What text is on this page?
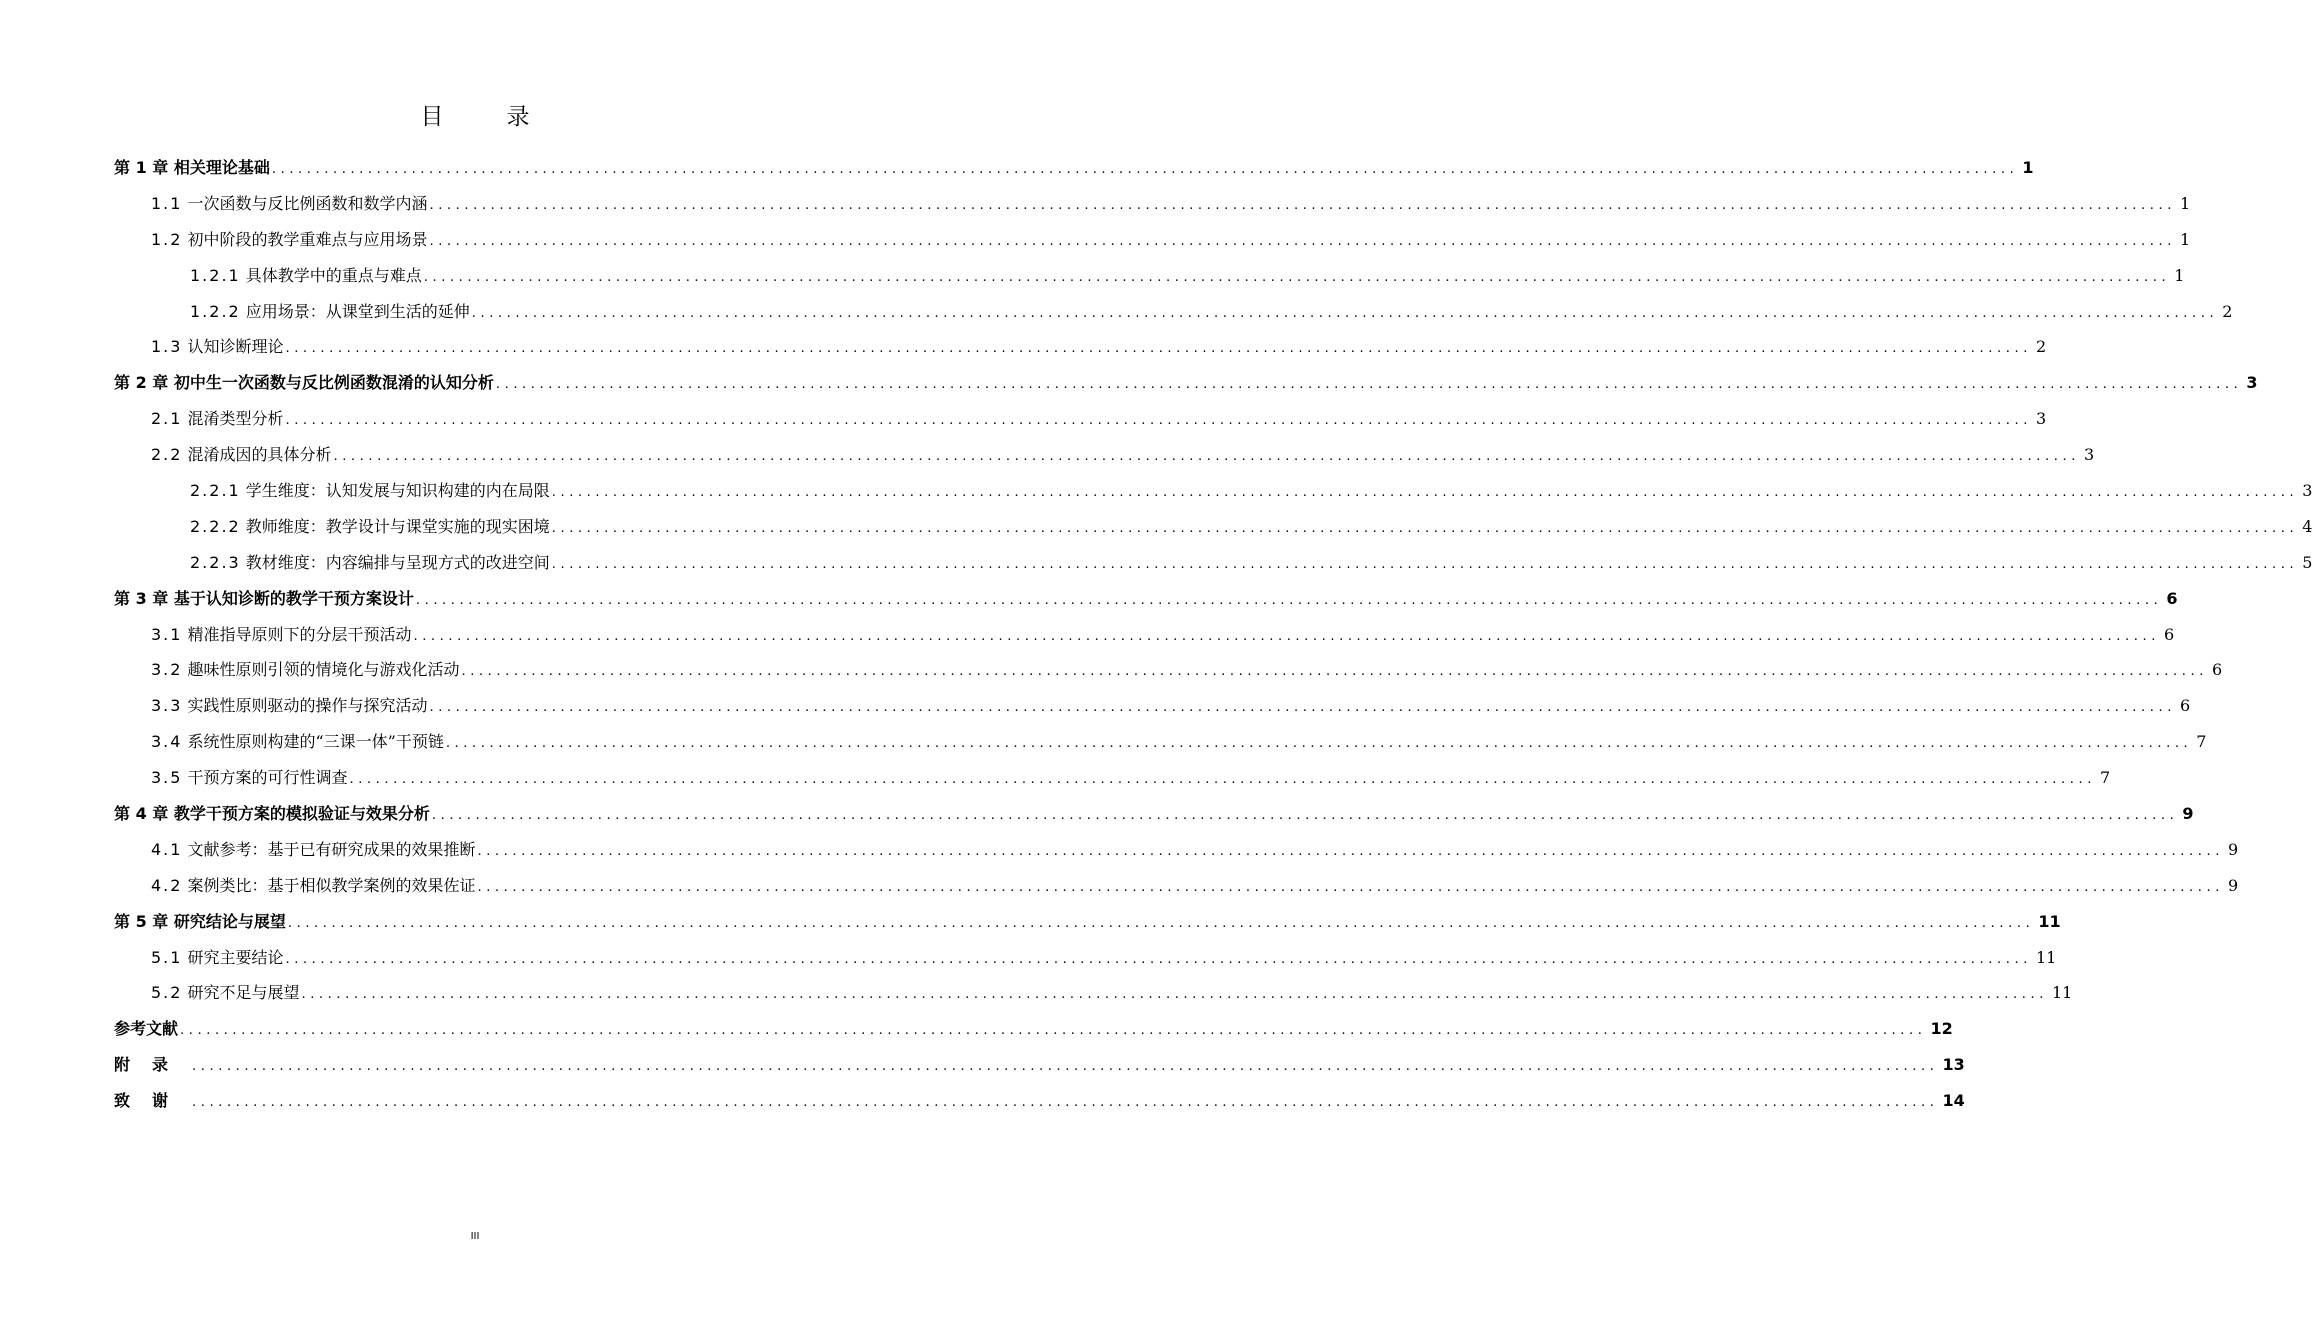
目　录
第 1 章 相关理论基础 ........................................................................................................................................................................................................ 1
1.1 一次函数与反比例函数和数学内涵 ........................................................................................................................................................................................................ 1
1.2 初中阶段的教学重难点与应用场景 ........................................................................................................................................................................................................ 1
1.2.1 具体教学中的重点与难点 ........................................................................................................................................................................................................ 1
1.2.2 应用场景：从课堂到生活的延伸 ........................................................................................................................................................................................................ 2
1.3 认知诊断理论 ........................................................................................................................................................................................................ 2
第 2 章 初中生一次函数与反比例函数混淆的认知分析 ........................................................................................................................................................................................................ 3
2.1 混淆类型分析 ........................................................................................................................................................................................................ 3
2.2 混淆成因的具体分析 ........................................................................................................................................................................................................ 3
2.2.1 学生维度：认知发展与知识构建的内在局限 ........................................................................................................................................................................................................ 3
2.2.2 教师维度：教学设计与课堂实施的现实困境 ........................................................................................................................................................................................................ 4
2.2.3 教材维度：内容编排与呈现方式的改进空间 ........................................................................................................................................................................................................ 5
第 3 章 基于认知诊断的教学干预方案设计 ........................................................................................................................................................................................................ 6
3.1 精准指导原则下的分层干预活动 ........................................................................................................................................................................................................ 6
3.2 趣味性原则引领的情境化与游戏化活动 ........................................................................................................................................................................................................ 6
3.3 实践性原则驱动的操作与探究活动 ........................................................................................................................................................................................................ 6
3.4 系统性原则构建的“三课一体”干预链 ........................................................................................................................................................................................................ 7
3.5 干预方案的可行性调查 ........................................................................................................................................................................................................ 7
第 4 章 教学干预方案的模拟验证与效果分析 ........................................................................................................................................................................................................ 9
4.1 文献参考：基于已有研究成果的效果推断 ........................................................................................................................................................................................................ 9
4.2 案例类比：基于相似教学案例的效果佐证 ........................................................................................................................................................................................................ 9
第 5 章 研究结论与展望 ........................................................................................................................................................................................................ 11
5.1 研究主要结论 ........................................................................................................................................................................................................ 11
5.2 研究不足与展望 ........................................................................................................................................................................................................ 11
参考文献 ........................................................................................................................................................................................................ 12
附录 ........................................................................................................................................................................................................ 13
致谢 ........................................................................................................................................................................................................ 14
III
